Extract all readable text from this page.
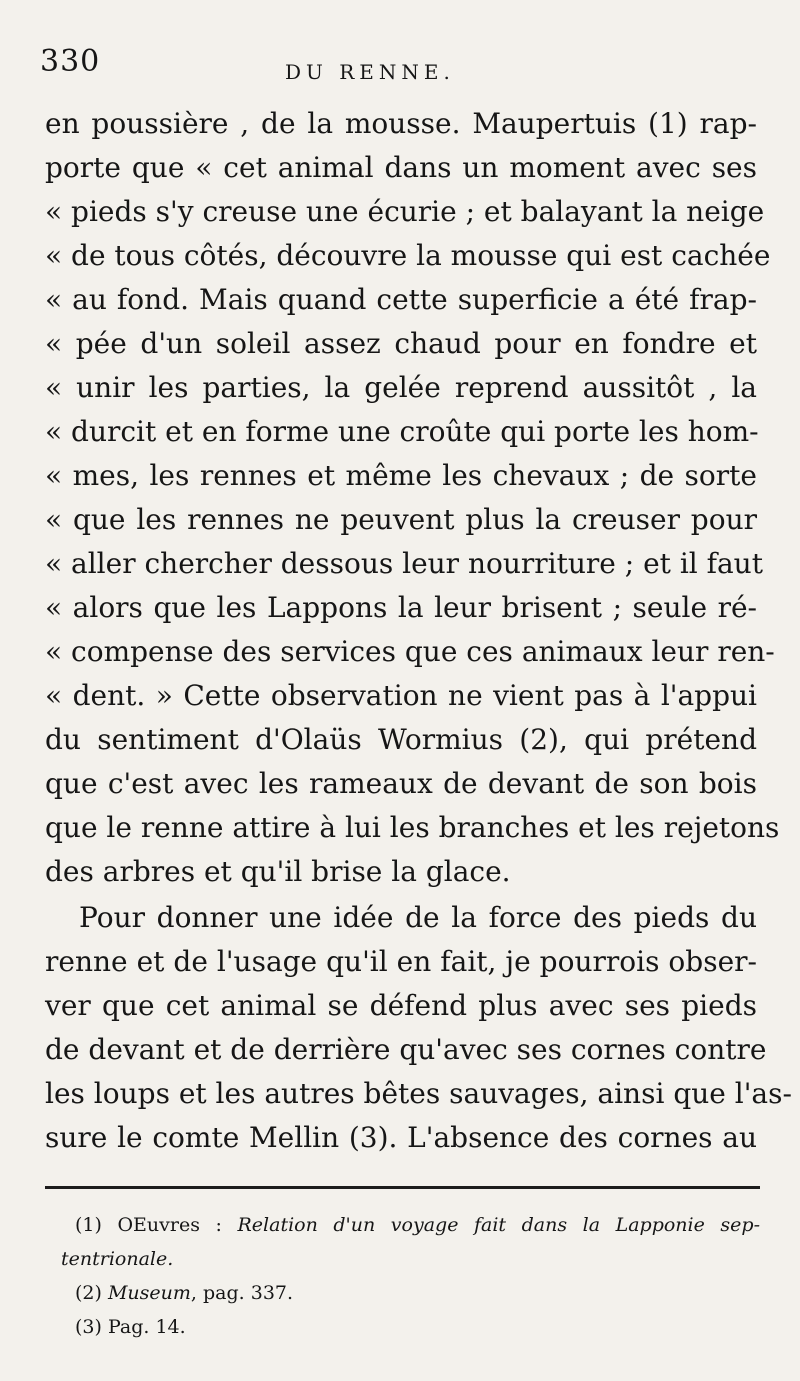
330	DU RENNE.
en poussière , de la mousse. Maupertuis (1) rap-
porte que « cet animal dans un moment avec ses
« pieds s'y creuse une écurie ; et balayant la neige
« de tous côtés, découvre la mousse qui est cachée
« au fond. Mais quand cette superficie a été frap-
« pée d'un soleil assez chaud pour en fondre et
« unir les parties, la gelée reprend aussitôt , la
« durcit et en forme une croûte qui porte les hom-
« mes, les rennes et même les chevaux ; de sorte
« que les rennes ne peuvent plus la creuser pour
« aller chercher dessous leur nourriture ; et il faut
« alors que les Lappons la leur brisent ; seule ré-
« compense des services que ces animaux leur ren-
« dent. » Cette observation ne vient pas à l'appui
du sentiment d'Olaüs Wormius (2), qui prétend
que c'est avec les rameaux de devant de son bois
que le renne attire à lui les branches et les rejetons
des arbres et qu'il brise la glace.
Pour donner une idée de la force des pieds du
renne et de l'usage qu'il en fait, je pourrois obser-
ver que cet animal se défend plus avec ses pieds
de devant et de derrière qu'avec ses cornes contre
les loups et les autres bêtes sauvages, ainsi que l'as-
sure le comte Mellin (3). L'absence des cornes au
(1) OEuvres : Relation d'un voyage fait dans la Lapponie sep-
tentrionale.
(2) Museum, pag. 337.
(3) Pag. 14.
